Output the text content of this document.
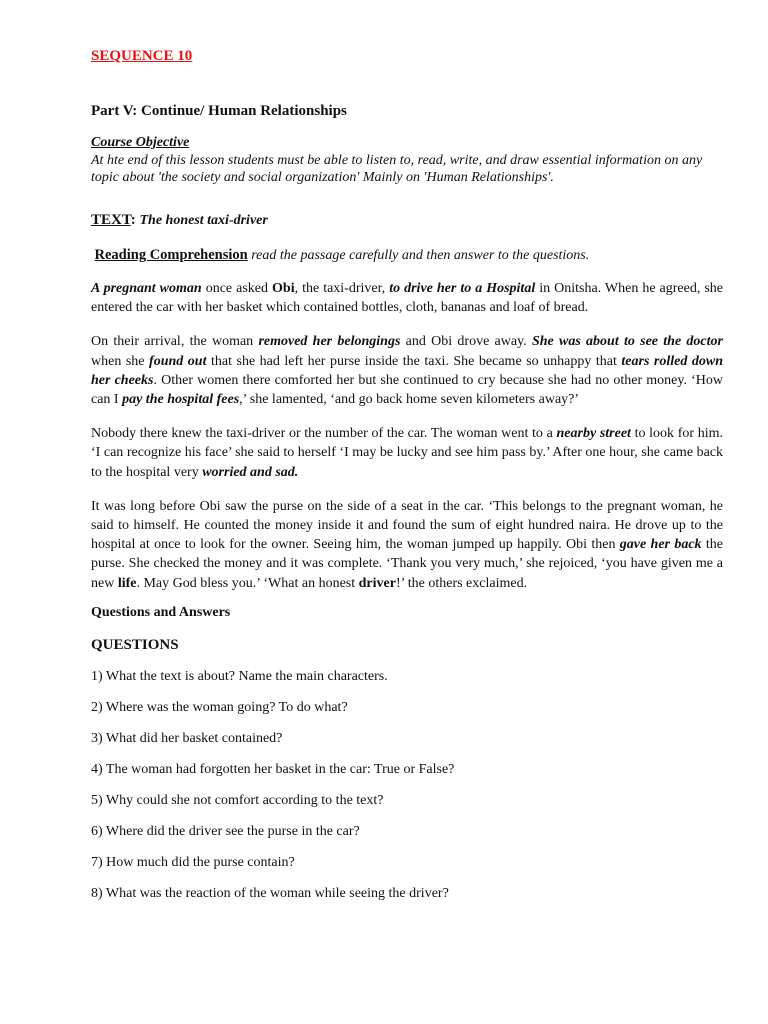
SEQUENCE 10

Part V: Continue/ Human Relationships

Course Objective

At hte end of this lesson students must be able to listen to, read, write, and draw essential information on any topic about 'the society and social organization' Mainly on 'Human Relationships'.

TEXT: The honest taxi-driver

Reading Comprehension read the passage carefully and then answer to the questions.

A pregnant woman once asked Obi, the taxi-driver, to drive her to a Hospital in Onitsha. When he agreed, she entered the car with her basket which contained bottles, cloth, bananas and loaf of bread.

On their arrival, the woman removed her belongings and Obi drove away. She was about to see the doctor when she found out that she had left her purse inside the taxi. She became so unhappy that tears rolled down her cheeks. Other women there comforted her but she continued to cry because she had no other money. ‘How can I pay the hospital fees,’ she lamented, ‘and go back home seven kilometers away?’

Nobody there knew the taxi-driver or the number of the car. The woman went to a nearby street to look for him. ‘I can recognize his face’ she said to herself ‘I may be lucky and see him pass by.’ After one hour, she came back to the hospital very worried and sad.

It was long before Obi saw the purse on the side of a seat in the car. ‘This belongs to the pregnant woman, he said to himself. He counted the money inside it and found the sum of eight hundred naira. He drove up to the hospital at once to look for the owner. Seeing him, the woman jumped up happily. Obi then gave her back the purse. She checked the money and it was complete. ‘Thank you very much,’ she rejoiced, ‘you have given me a new life. May God bless you.’ ‘What an honest driver!’ the others exclaimed.

Questions and Answers

QUESTIONS

1) What the text is about? Name the main characters.

2) Where was the woman going? To do what?

3) What did her basket contained?

4) The woman had forgotten her basket in the car: True or False?

5) Why could she not comfort according to the text?

6) Where did the driver see the purse in the car?

7) How much did the purse contain?

8) What was the reaction of the woman while seeing the driver?
